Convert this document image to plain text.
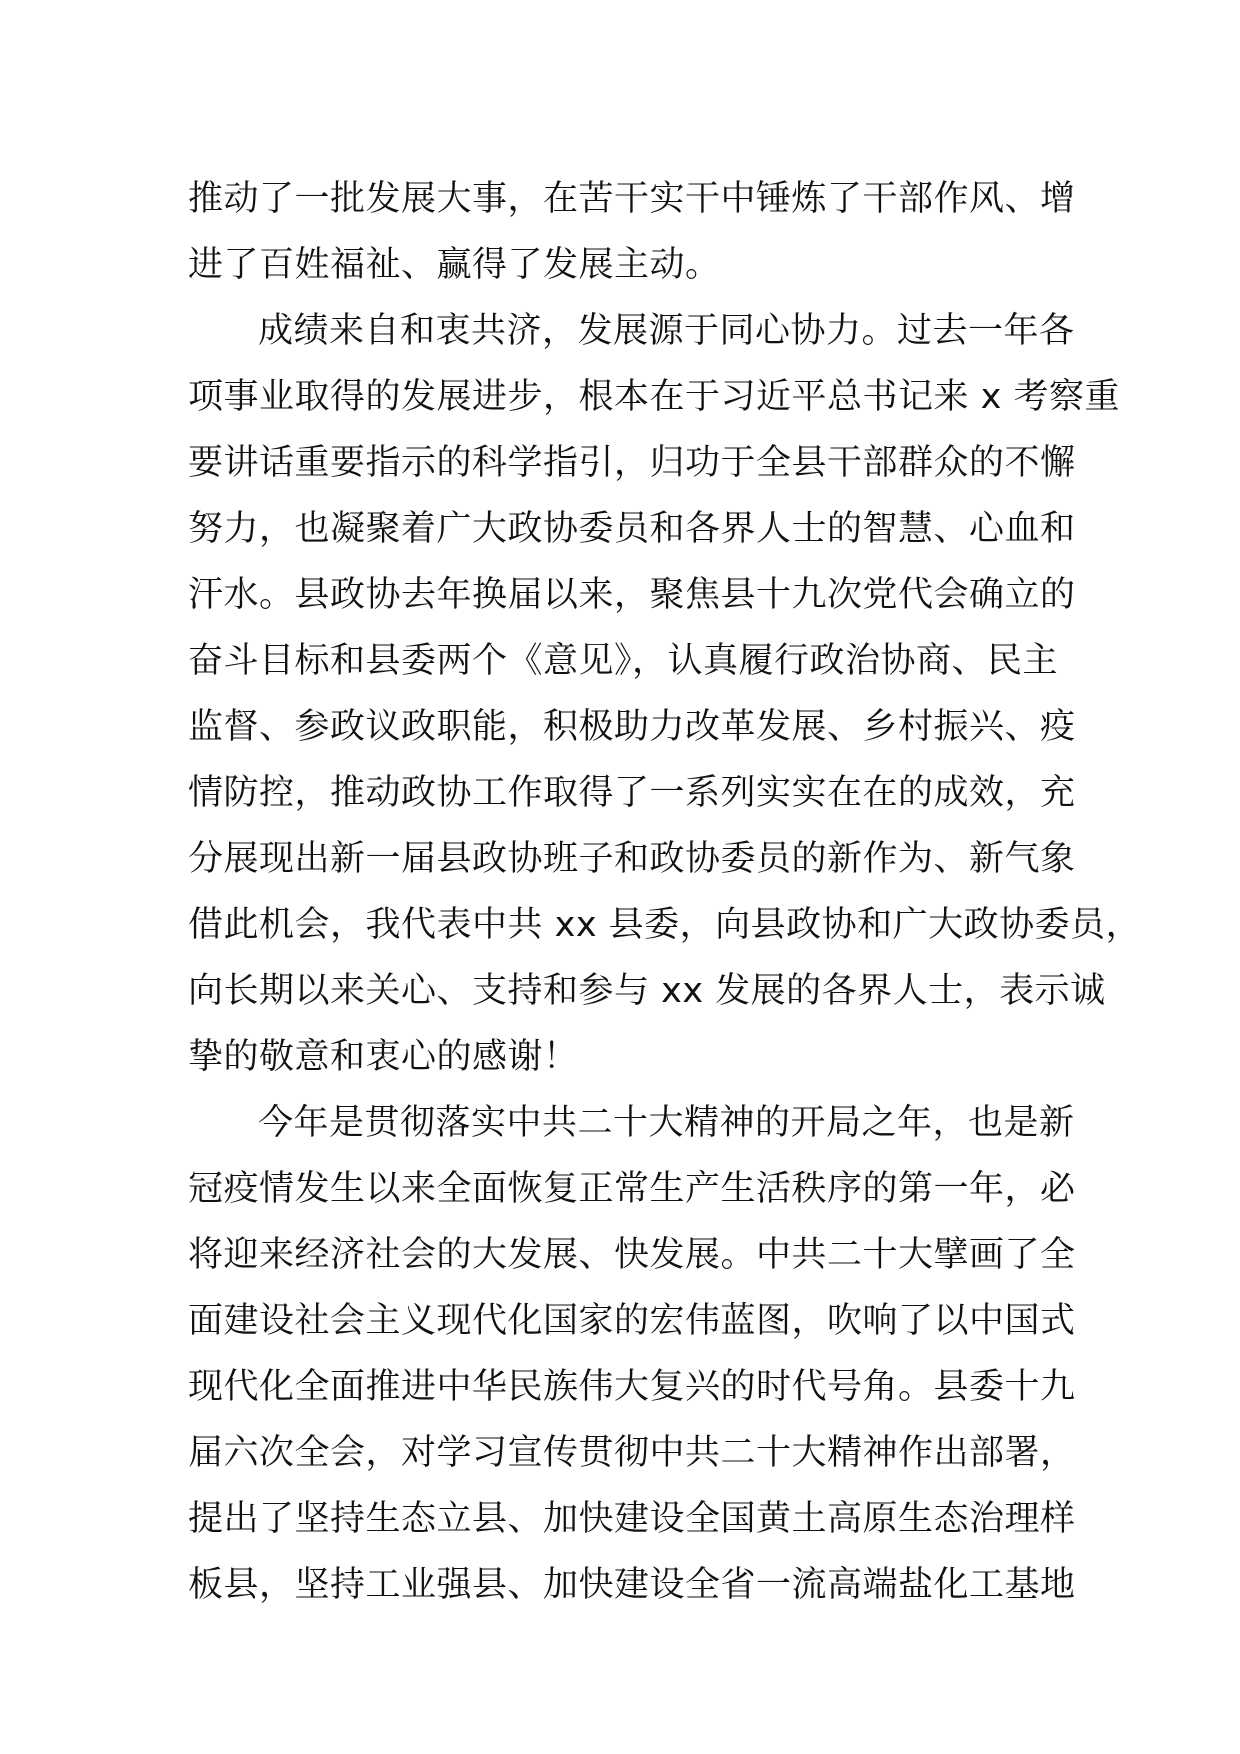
推动了一批发展大事，在苦干实干中锤炼了干部作风、增
进了百姓福祉、赢得了发展主动。
成绩来自和衷共济，发展源于同心协力。过去一年各
项事业取得的发展进步，根本在于习近平总书记来 x 考察重
要讲话重要指示的科学指引，归功于全县干部群众的不懈
努力，也凝聚着广大政协委员和各界人士的智慧、心血和
汗水。县政协去年换届以来，聚焦县十九次党代会确立的
奋斗目标和县委两个《意见》，认真履行政治协商、民主
监督、参政议政职能，积极助力改革发展、乡村振兴、疫
情防控，推动政协工作取得了一系列实实在在的成效，充
分展现出新一届县政协班子和政协委员的新作为、新气象
借此机会，我代表中共 xx 县委，向县政协和广大政协委员，
向长期以来关心、支持和参与 xx 发展的各界人士，表示诚
挚的敬意和衷心的感谢！
今年是贯彻落实中共二十大精神的开局之年，也是新
冠疫情发生以来全面恢复正常生产生活秩序的第一年，必
将迎来经济社会的大发展、快发展。中共二十大擘画了全
面建设社会主义现代化国家的宏伟蓝图，吹响了以中国式
现代化全面推进中华民族伟大复兴的时代号角。县委十九
届六次全会，对学习宣传贯彻中共二十大精神作出部署，
提出了坚持生态立县、加快建设全国黄土高原生态治理样
板县，坚持工业强县、加快建设全省一流高端盐化工基地
